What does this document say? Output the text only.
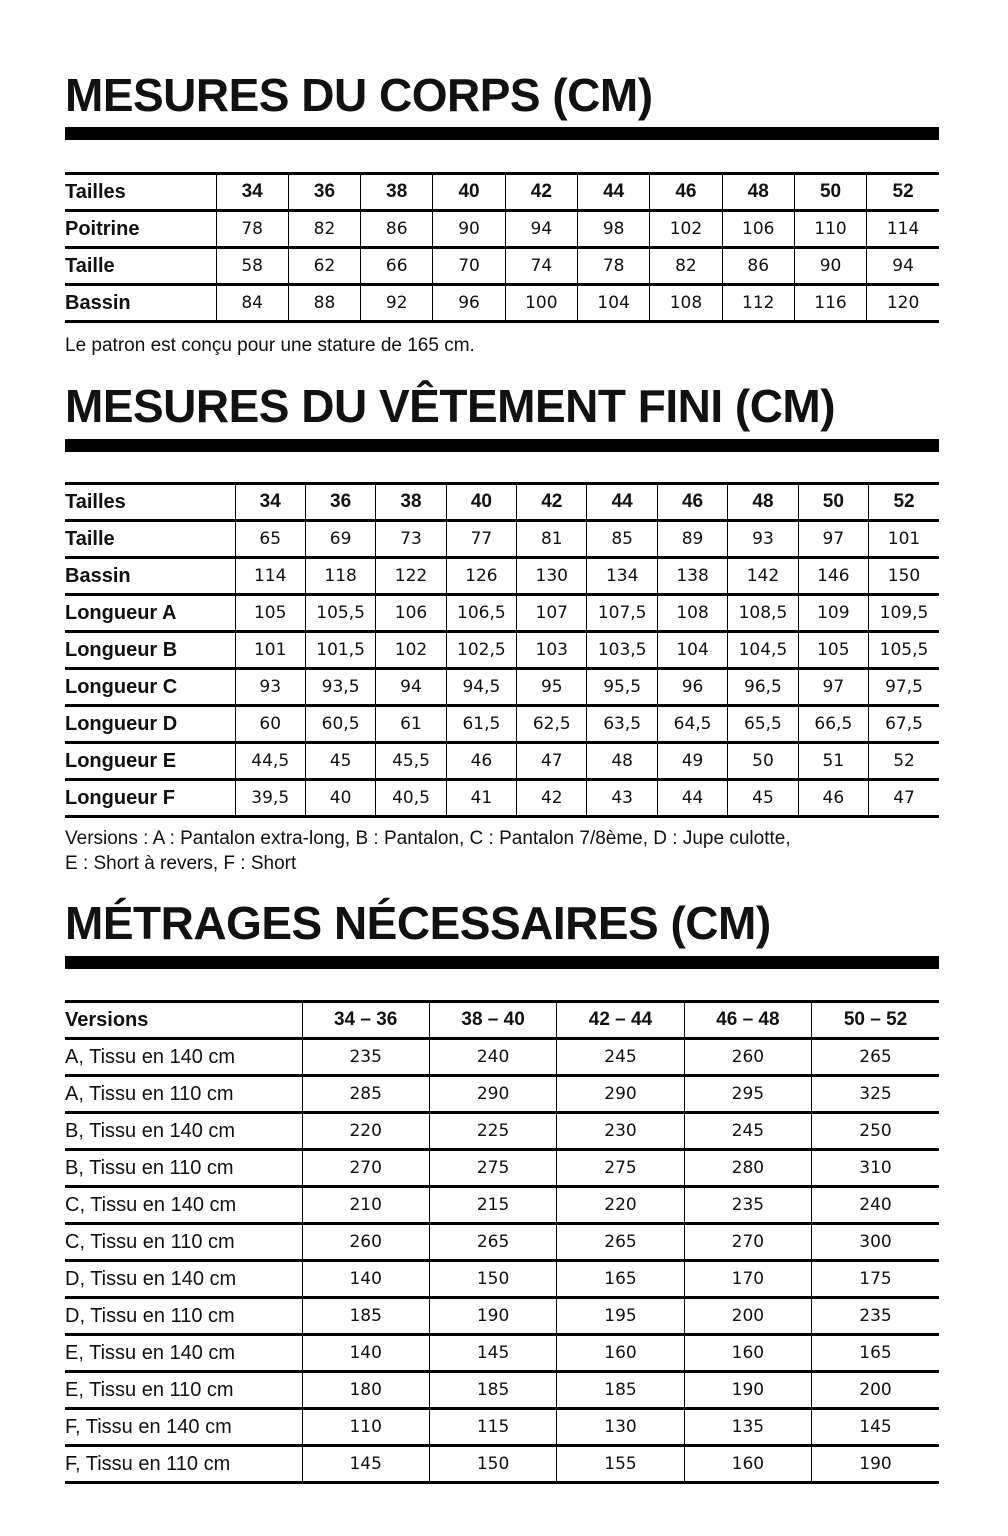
MESURES DU CORPS (CM)
Tailles	34	36	38	40	42	44	46	48	50	52
Poitrine	78	82	86	90	94	98	102	106	110	114
Taille	58	62	66	70	74	78	82	86	90	94
Bassin	84	88	92	96	100	104	108	112	116	120

Le patron est conçu pour une stature de 165 cm.

MESURES DU VÊTEMENT FINI (CM)
Tailles	34	36	38	40	42	44	46	48	50	52
Taille	65	69	73	77	81	85	89	93	97	101
Bassin	114	118	122	126	130	134	138	142	146	150
Longueur A	105	105,5	106	106,5	107	107,5	108	108,5	109	109,5
Longueur B	101	101,5	102	102,5	103	103,5	104	104,5	105	105,5
Longueur C	93	93,5	94	94,5	95	95,5	96	96,5	97	97,5
Longueur D	60	60,5	61	61,5	62,5	63,5	64,5	65,5	66,5	67,5
Longueur E	44,5	45	45,5	46	47	48	49	50	51	52
Longueur F	39,5	40	40,5	41	42	43	44	45	46	47

Versions : A : Pantalon extra-long, B : Pantalon, C : Pantalon 7/8ème, D : Jupe culotte,
E : Short à revers, F : Short

MÉTRAGES NÉCESSAIRES (CM)
Versions	34 – 36	38 – 40	42 – 44	46 – 48	50 – 52
A, Tissu en 140 cm	235	240	245	260	265
A, Tissu en 110 cm	285	290	290	295	325
B, Tissu en 140 cm	220	225	230	245	250
B, Tissu en 110 cm	270	275	275	280	310
C, Tissu en 140 cm	210	215	220	235	240
C, Tissu en 110 cm	260	265	265	270	300
D, Tissu en 140 cm	140	150	165	170	175
D, Tissu en 110 cm	185	190	195	200	235
E, Tissu en 140 cm	140	145	160	160	165
E, Tissu en 110 cm	180	185	185	190	200
F, Tissu en 140 cm	110	115	130	135	145
F, Tissu en 110 cm	145	150	155	160	190
